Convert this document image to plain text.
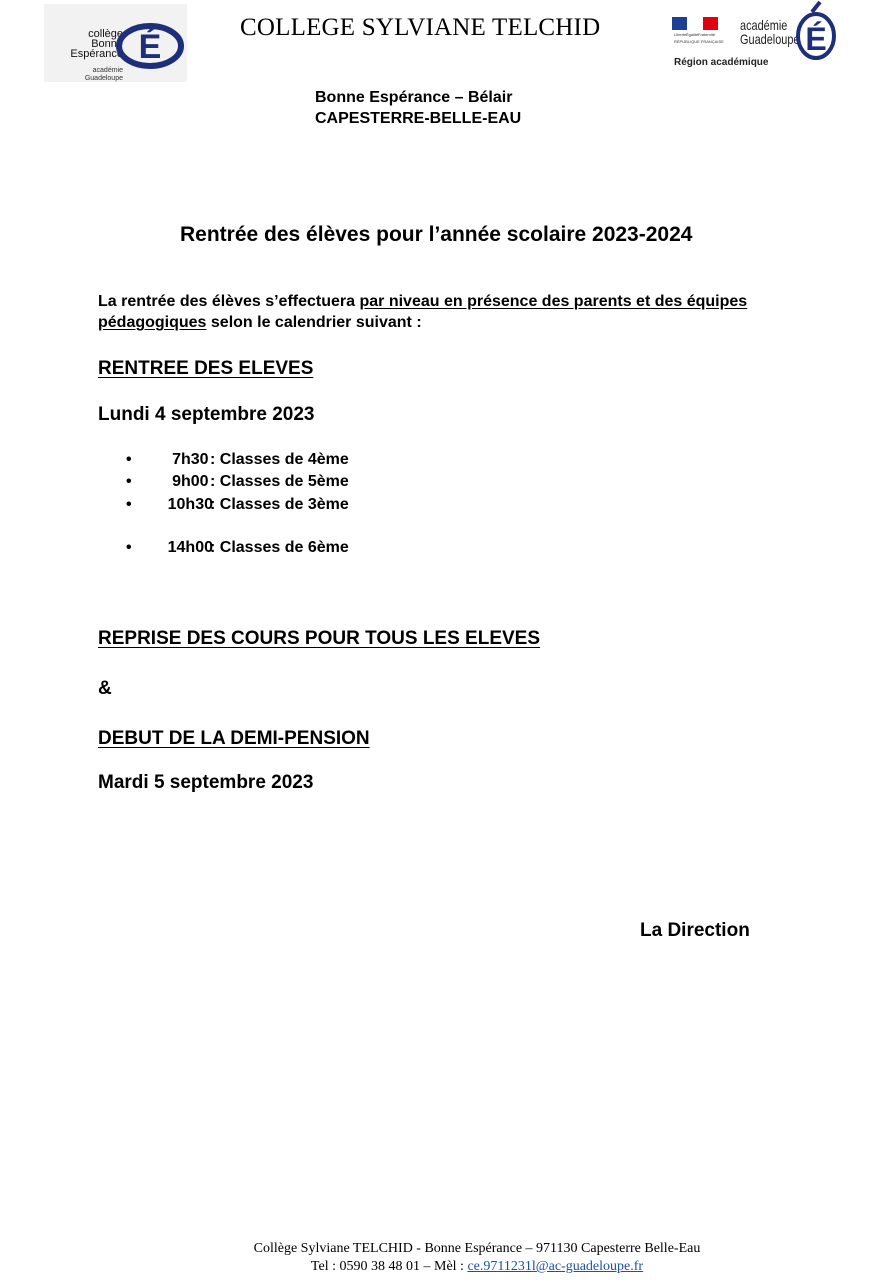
collège
Bonne
Espérance
académie
Guadeloupe
É
COLLEGE SYLVIANE TELCHID	Liberté Égalité Fraternité
RÉPUBLIQUE FRANÇAISE
Région académique
académie
Guadeloupe É
Bonne Espérance – Bélair
CAPESTERRE-BELLE-EAU
Rentrée des élèves pour l’année scolaire 2023-2024
La rentrée des élèves s’effectuera par niveau en présence des parents et des équipes pédagogiques selon le calendrier suivant :
RENTREE DES ELEVES
Lundi 4 septembre 2023
•	7h30
: Classes de 4ème
•	9h00
: Classes de 5ème
•	10h30
: Classes de 3ème
•	14h00
: Classes de 6ème
REPRISE DES COURS POUR TOUS LES ELEVES
&
DEBUT DE LA DEMI-PENSION
Mardi 5 septembre 2023
La Direction
Collège Sylviane TELCHID - Bonne Espérance – 971130 Capesterre Belle-Eau
Tel : 0590 38 48 01 – Mèl : ce.9711231l@ac-guadeloupe.fr
